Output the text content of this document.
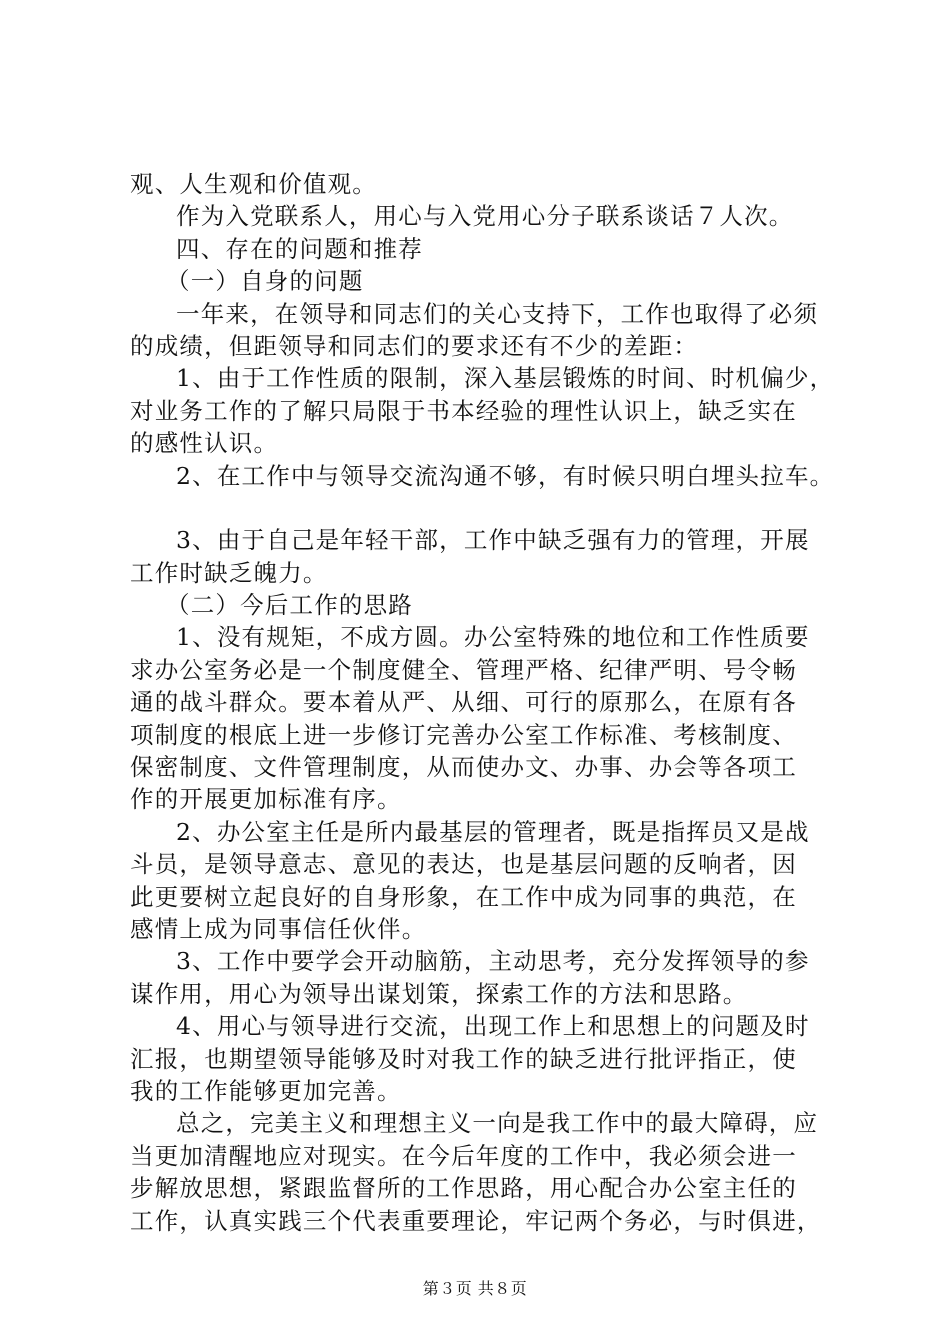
观、人生观和价值观。
作为入党联系人，用心与入党用心分子联系谈话７人次。
四、存在的问题和推荐
（一）自身的问题
一年来，在领导和同志们的关心支持下，工作也取得了必须
的成绩，但距领导和同志们的要求还有不少的差距：
1、由于工作性质的限制，深入基层锻炼的时间、时机偏少，
对业务工作的了解只局限于书本经验的理性认识上，缺乏实在
的感性认识。
2、在工作中与领导交流沟通不够，有时候只明白埋头拉车。
3、由于自己是年轻干部，工作中缺乏强有力的管理，开展
工作时缺乏魄力。
（二）今后工作的思路
1、没有规矩，不成方圆。办公室特殊的地位和工作性质要
求办公室务必是一个制度健全、管理严格、纪律严明、号令畅
通的战斗群众。要本着从严、从细、可行的原那么，在原有各
项制度的根底上进一步修订完善办公室工作标准、考核制度、
保密制度、文件管理制度，从而使办文、办事、办会等各项工
作的开展更加标准有序。
2、办公室主任是所内最基层的管理者，既是指挥员又是战
斗员，是领导意志、意见的表达，也是基层问题的反响者，因
此更要树立起良好的自身形象，在工作中成为同事的典范，在
感情上成为同事信任伙伴。
3、工作中要学会开动脑筋，主动思考，充分发挥领导的参
谋作用，用心为领导出谋划策，探索工作的方法和思路。
4、用心与领导进行交流，出现工作上和思想上的问题及时
汇报，也期望领导能够及时对我工作的缺乏进行批评指正，使
我的工作能够更加完善。
总之，完美主义和理想主义一向是我工作中的最大障碍，应
当更加清醒地应对现实。在今后年度的工作中，我必须会进一
步解放思想，紧跟监督所的工作思路，用心配合办公室主任的
工作，认真实践三个代表重要理论，牢记两个务必，与时俱进，
第３页 共８页
